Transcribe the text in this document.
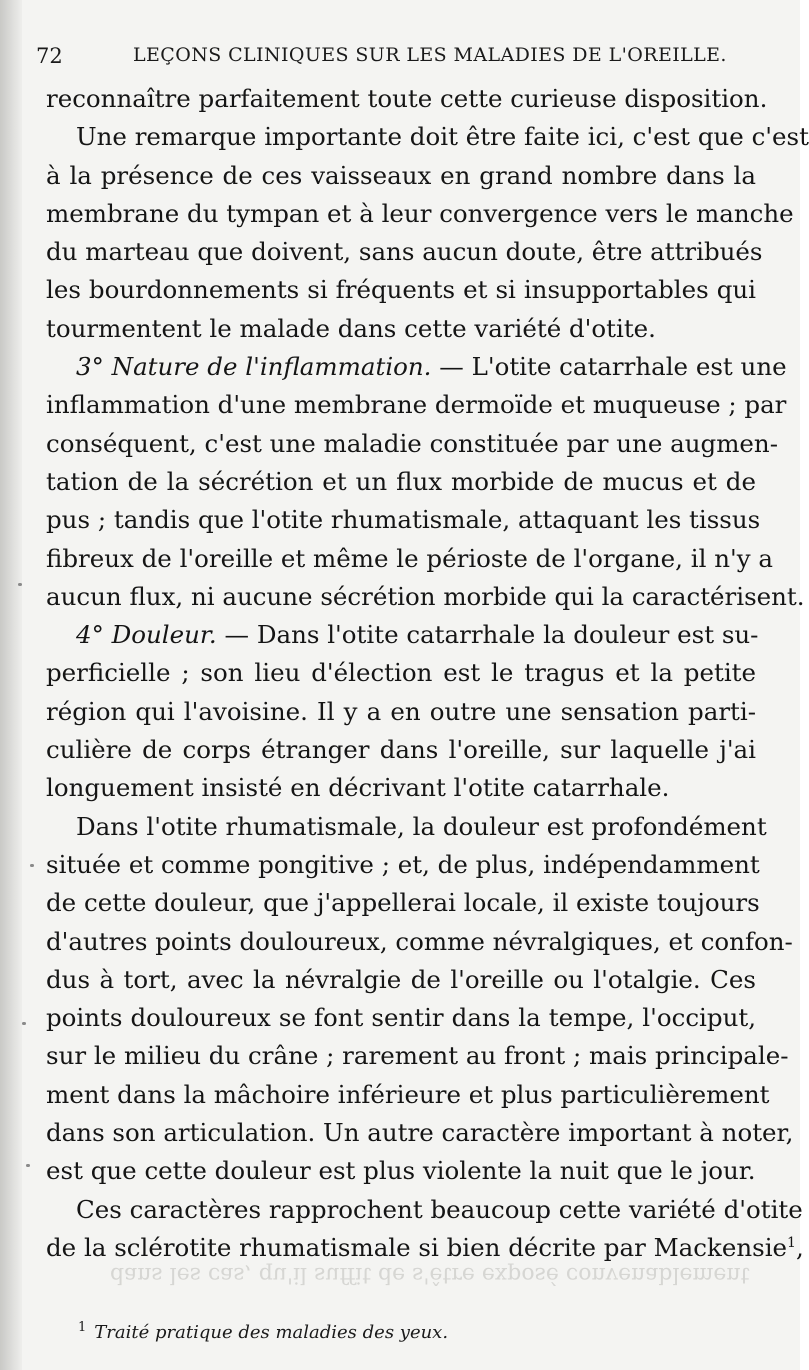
72	LEÇONS CLINIQUES SUR LES MALADIES DE L'OREILLE.
reconnaître parfaitement toute cette curieuse disposition.
Une remarque importante doit être faite ici, c'est que c'est
à la présence de ces vaisseaux en grand nombre dans la
membrane du tympan et à leur convergence vers le manche
du marteau que doivent, sans aucun doute, être attribués
les bourdonnements si fréquents et si insupportables qui
tourmentent le malade dans cette variété d'otite.
3° Nature de l'inflammation. — L'otite catarrhale est une
inflammation d'une membrane dermoïde et muqueuse ; par
conséquent, c'est une maladie constituée par une augmen-
tation de la sécrétion et un flux morbide de mucus et de
pus ; tandis que l'otite rhumatismale, attaquant les tissus
fibreux de l'oreille et même le périoste de l'organe, il n'y a
aucun flux, ni aucune sécrétion morbide qui la caractérisent.
4° Douleur. — Dans l'otite catarrhale la douleur est su-
perficielle ; son lieu d'élection est le tragus et la petite
région qui l'avoisine. Il y a en outre une sensation parti-
culière de corps étranger dans l'oreille, sur laquelle j'ai
longuement insisté en décrivant l'otite catarrhale.
Dans l'otite rhumatismale, la douleur est profondément
située et comme pongitive ; et, de plus, indépendamment
de cette douleur, que j'appellerai locale, il existe toujours
d'autres points douloureux, comme névralgiques, et confon-
dus à tort, avec la névralgie de l'oreille ou l'otalgie. Ces
points douloureux se font sentir dans la tempe, l'occiput,
sur le milieu du crâne ; rarement au front ; mais principale-
ment dans la mâchoire inférieure et plus particulièrement
dans son articulation. Un autre caractère important à noter,
est que cette douleur est plus violente la nuit que le jour.
Ces caractères rapprochent beaucoup cette variété d'otite
de la sclérotite rhumatismale si bien décrite par Mackensie$^1$,
dans les cas, qu'il suffit de s'être exposé convenablement
$^1$ Traité pratique des maladies des yeux.
